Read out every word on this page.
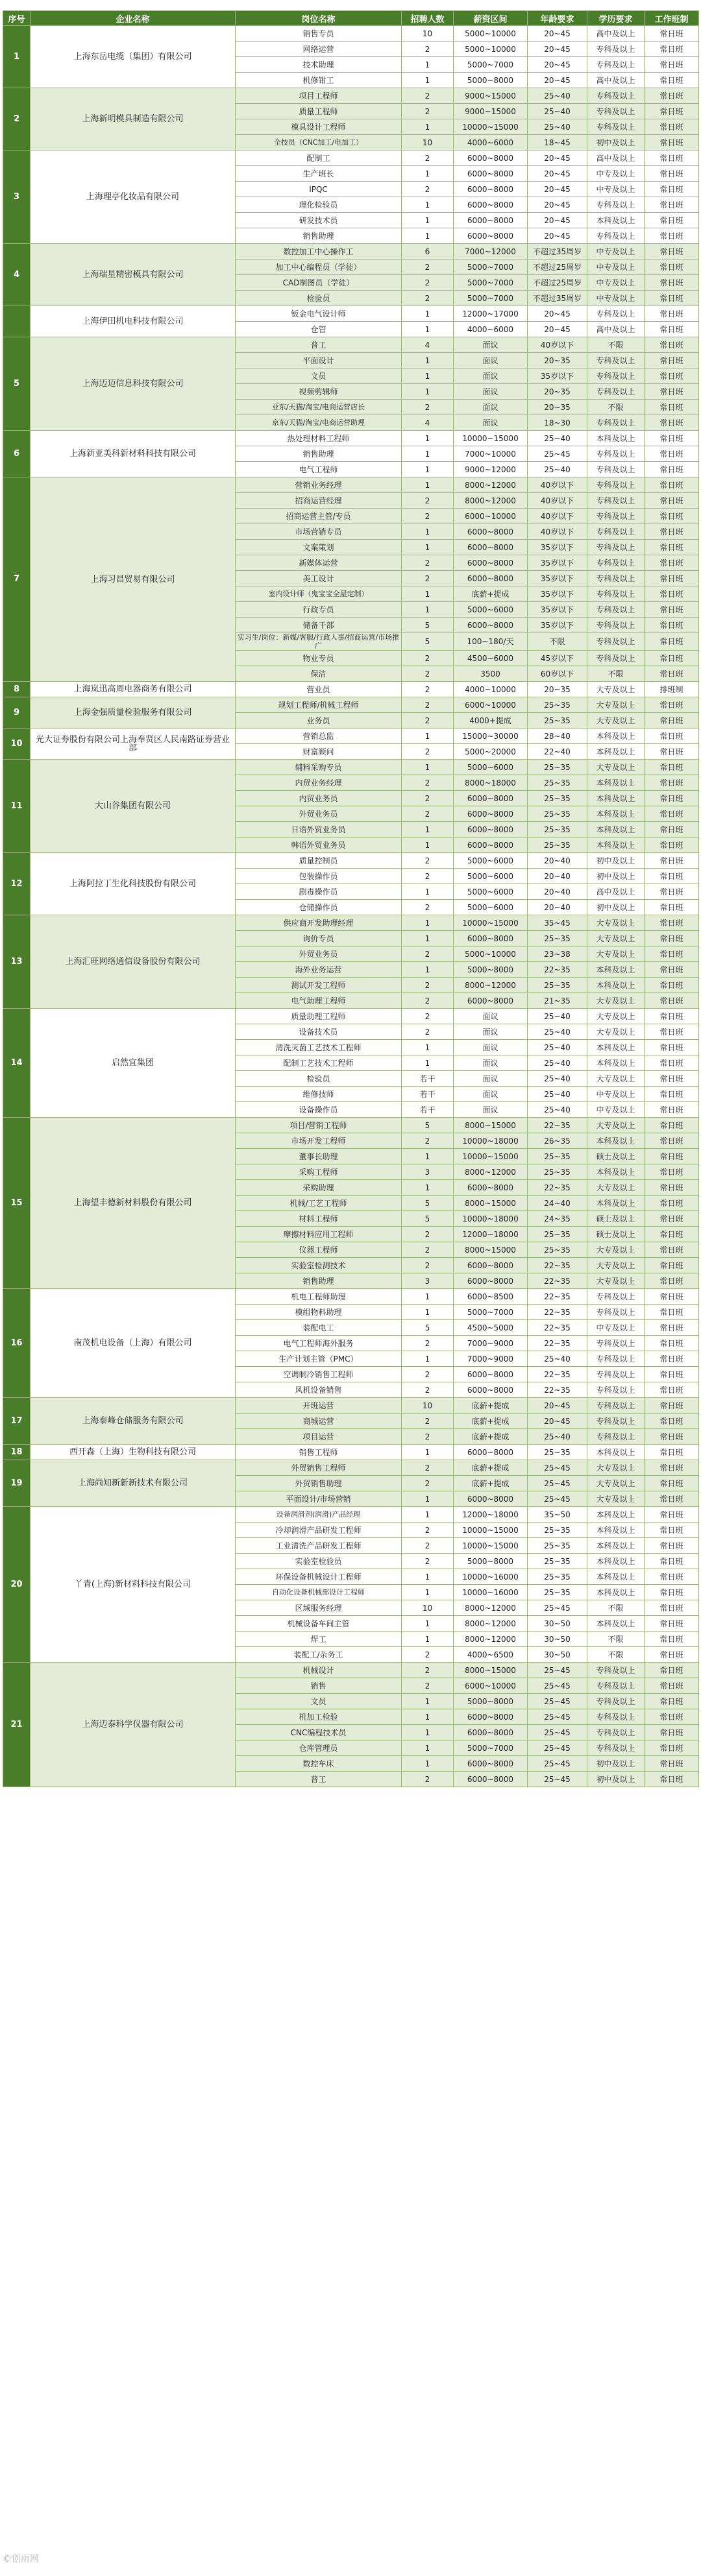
序号	企业名称	岗位名称	招聘人数	薪资区间	年龄要求	学历要求	工作班制
1	上海东岳电缆（集团）有限公司	销售专员	10	5000~10000	20~45	高中及以上	常日班
		网络运营	2	5000~10000	20~45	专科及以上	常日班
		技术助理	1	5000~7000	20~45	专科及以上	常日班
		机修钳工	1	5000~8000	20~45	高中及以上	常日班
2	上海新明模具制造有限公司	项目工程师	2	9000~15000	25~40	专科及以上	常日班
		质量工程师	2	9000~15000	25~40	专科及以上	常日班
		模具设计工程师	1	10000~15000	25~40	专科及以上	常日班
		全技员（CNC加工/电加工）	10	4000~6000	18~45	初中及以上	常日班
3	上海理亭化妆品有限公司	配制工	2	6000~8000	20~45	高中及以上	常日班
		生产班长	1	6000~8000	20~45	中专及以上	常日班
		IPQC	2	6000~8000	20~45	中专及以上	常日班
		理化检验员	1	6000~8000	20~45	专科及以上	常日班
		研发技术员	1	6000~8000	20~45	本科及以上	常日班
		销售助理	1	6000~8000	20~45	专科及以上	常日班
4	上海瑞星精密模具有限公司	数控加工中心操作工	6	7000~12000	不超过35周岁	中专及以上	常日班
		加工中心编程员（学徒）	2	5000~7000	不超过25周岁	中专及以上	常日班
		CAD制图员（学徒）	2	5000~7000	不超过25周岁	中专及以上	常日班
		检验员	2	5000~7000	不超过35周岁	中专及以上	常日班
	上海伊田机电科技有限公司	钣金电气设计师	1	12000~17000	20~45	专科及以上	常日班
		仓管	1	4000~6000	20~45	高中及以上	常日班
5	上海迈迈信息科技有限公司	普工	4	面议	40岁以下	不限	常日班
		平面设计	1	面议	20~35	专科及以上	常日班
		文员	1	面议	35岁以下	专科及以上	常日班
		视频剪辑师	1	面议	20~35	专科及以上	常日班
		亚东/天猫/淘宝/电商运营店长	2	面议	20~35	不限	常日班
		京东/天猫/淘宝/电商运营助理	4	面议	18~30	专科及以上	常日班
6	上海新亚美科新材料科技有限公司	热处理材料工程师	1	10000~15000	25~40	本科及以上	常日班
		销售助理	1	7000~10000	25~45	专科及以上	常日班
		电气工程师	1	9000~12000	25~40	专科及以上	常日班
7	上海习昌贸易有限公司	营销业务经理	1	8000~12000	40岁以下	专科及以上	常日班
		招商运营经理	2	8000~12000	40岁以下	专科及以上	常日班
		招商运营主管/专员	2	6000~10000	40岁以下	专科及以上	常日班
		市场营销专员	1	6000~8000	40岁以下	专科及以上	常日班
		文案策划	1	6000~8000	35岁以下	专科及以上	常日班
		新媒体运营	2	6000~8000	35岁以下	专科及以上	常日班
		美工设计	2	6000~8000	35岁以下	专科及以上	常日班
		室内设计师（鬼宝宝全屋定制）	1	底薪+提成	35岁以下	专科及以上	常日班
		行政专员	1	5000~6000	35岁以下	专科及以上	常日班
		储备干部	5	6000~8000	35岁以下	专科及以上	常日班
		实习生/岗位：新媒/客服/行政人事/招商运营/市场推广	5	100~180/天	不限	专科及以上	常日班
		物业专员	2	4500~6000	45岁以下	专科及以上	常日班
		保洁	2	3500	60岁以下	不限	常日班
8	上海岚迅高周电器商务有限公司	营业员	2	4000~10000	20~35	大专及以上	排班制
9	上海金强质量检验服务有限公司	规划工程师/机械工程师	2	6000~10000	25~35	大专及以上	常日班
		业务员	2	4000+提成	25~35	大专及以上	常日班
10	光大证券股份有限公司上海奉贤区人民南路证券营业部	营销总监	1	15000~30000	28~40	本科及以上	常日班
		财富顾问	2	5000~20000	22~40	本科及以上	常日班
11	大山谷集团有限公司	辅料采购专员	1	5000~6000	25~35	大专及以上	常日班
		内贸业务经理	2	8000~18000	25~35	本科及以上	常日班
		内贸业务员	2	6000~8000	25~35	本科及以上	常日班
		外贸业务员	2	6000~8000	25~35	本科及以上	常日班
		日语外贸业务员	1	6000~8000	25~35	本科及以上	常日班
		韩语外贸业务员	1	6000~8000	25~35	本科及以上	常日班
12	上海阿拉丁生化科技股份有限公司	质量控制员	2	5000~6000	20~40	初中及以上	常日班
		包装操作员	2	5000~6000	20~40	初中及以上	常日班
		剧毒操作员	1	5000~6000	20~40	高中及以上	常日班
		仓储操作员	2	5000~6000	20~40	初中及以上	常日班
13	上海汇旺网络通信设备股份有限公司	供应商开发助理经理	1	10000~15000	35~45	大专及以上	常日班
		询价专员	1	6000~8000	25~35	大专及以上	常日班
		外贸业务员	2	5000~10000	23~38	大专及以上	常日班
		海外业务运营	1	5000~8000	22~35	本科及以上	常日班
		测试开发工程师	2	8000~12000	25~35	本科及以上	常日班
		电气助理工程师	2	6000~8000	21~35	大专及以上	常日班
14	启然宜集团	质量助理工程师	2	面议	25~40	大专及以上	常日班
		设备技术员	2	面议	25~40	大专及以上	常日班
		清洗灭菌工艺技术工程师	1	面议	25~40	本科及以上	常日班
		配制工艺技术工程师	1	面议	25~40	本科及以上	常日班
		检验员	若干	面议	25~40	大专及以上	常日班
		维修技师	若干	面议	25~40	中专及以上	常日班
		设备操作员	若干	面议	25~40	中专及以上	常日班
15	上海望丰德新材料股份有限公司	项目/营销工程师	5	8000~15000	22~35	大专及以上	常日班
		市场开发工程师	2	10000~18000	26~35	本科及以上	常日班
		董事长助理	1	10000~15000	25~35	硕士及以上	常日班
		采购工程师	3	8000~12000	25~35	本科及以上	常日班
		采购助理	1	6000~8000	22~35	大专及以上	常日班
		机械/工艺工程师	5	8000~15000	24~40	本科及以上	常日班
		材料工程师	5	10000~18000	24~35	硕士及以上	常日班
		摩擦材料应用工程师	2	12000~18000	25~35	硕士及以上	常日班
		仪器工程师	2	8000~15000	25~35	大专及以上	常日班
		实验室检测技术	2	6000~8000	22~35	大专及以上	常日班
		销售助理	3	6000~8000	22~35	大专及以上	常日班
16	南茂机电设备（上海）有限公司	机电工程师助理	1	6000~8500	22~35	专科及以上	常日班
		模组物料助理	1	5000~7000	22~35	专科及以上	常日班
		装配电工	5	4500~5000	22~35	中专及以上	常日班
		电气工程师海外服务	2	7000~9000	22~35	专科及以上	常日班
		生产计划主管（PMC）	1	7000~9000	25~40	专科及以上	常日班
		空调制冷销售工程师	2	6000~8000	22~35	专科及以上	常日班
		风机设备销售	2	6000~8000	22~35	专科及以上	常日班
17	上海泰峰仓储服务有限公司	开班运营	10	底薪+提成	20~45	专科及以上	常日班
		商城运营	2	底薪+提成	20~45	专科及以上	常日班
		项目运营	2	底薪+提成	25~40	专科及以上	常日班
18	西开森（上海）生物科技有限公司	销售工程师	1	6000~8000	25~35	本科及以上	常日班
19	上海尚知新新新技术有限公司	外贸销售工程师	2	底薪+提成	25~45	大专及以上	常日班
		外贸销售助理	2	底薪+提成	25~45	大专及以上	常日班
		平面设计/市场营销	1	6000~8000	25~45	大专及以上	常日班
20	丫青(上海)新材料科技有限公司	设备润滑剂(润滑)产品经理	1	12000~18000	35~50	本科及以上	常日班
		冷却润滑产品研发工程师	2	10000~15000	25~35	本科及以上	常日班
		工业清洗产品研发工程师	2	10000~15000	25~35	本科及以上	常日班
		实验室检验员	2	5000~8000	25~35	本科及以上	常日班
		环保设备机械设计工程师	1	10000~16000	25~35	本科及以上	常日班
		自动化设备机械部设计工程师	1	10000~16000	25~35	本科及以上	常日班
		区域服务经理	10	8000~12000	25~45	不限	常日班
		机械设备车间主管	1	8000~12000	30~50	本科及以上	常日班
		焊工	1	8000~12000	30~50	不限	常日班
		装配工/杂务工	2	4000~6500	30~50	不限	常日班
21	上海迈泰科学仪器有限公司	机械设计	2	8000~15000	25~45	专科及以上	常日班
		销售	2	6000~10000	25~45	专科及以上	常日班
		文员	1	5000~8000	25~45	专科及以上	常日班
		机加工检验	1	6000~8000	25~45	专科及以上	常日班
		CNC编程技术员	1	6000~8000	25~45	专科及以上	常日班
		仓库管理员	1	5000~7000	25~45	专科及以上	常日班
		数控车床	1	6000~8000	25~45	初中及以上	常日班
		普工	2	6000~8000	25~45	初中及以上	常日班
©创雨网
